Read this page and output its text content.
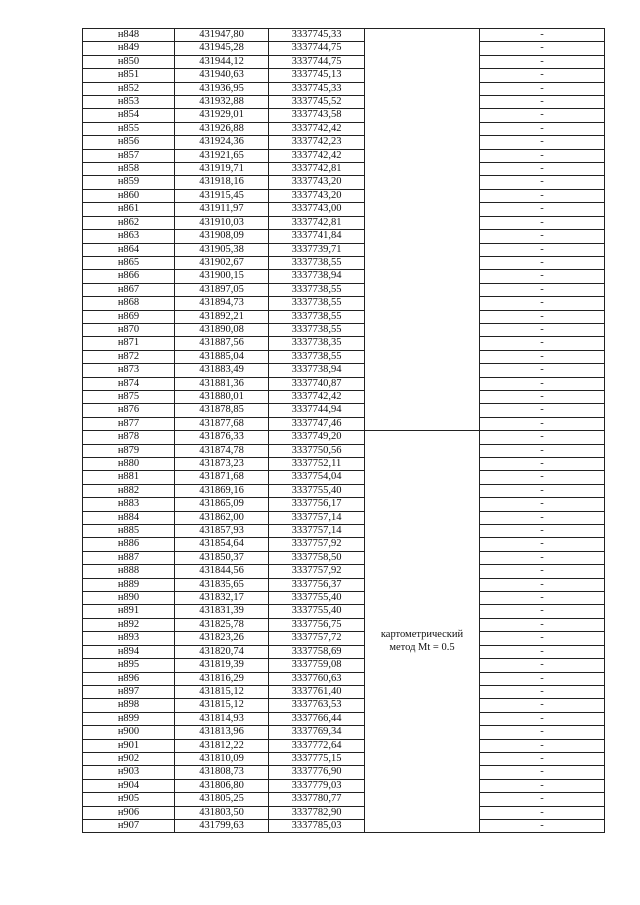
н848	431947,80	3337745,33		-
н849	431945,28	3337744,75		-
н850	431944,12	3337744,75		-
н851	431940,63	3337745,13		-
н852	431936,95	3337745,33		-
н853	431932,88	3337745,52		-
н854	431929,01	3337743,58		-
н855	431926,88	3337742,42		-
н856	431924,36	3337742,23		-
н857	431921,65	3337742,42		-
н858	431919,71	3337742,81		-
н859	431918,16	3337743,20		-
н860	431915,45	3337743,20		-
н861	431911,97	3337743,00		-
н862	431910,03	3337742,81		-
н863	431908,09	3337741,84		-
н864	431905,38	3337739,71		-
н865	431902,67	3337738,55		-
н866	431900,15	3337738,94		-
н867	431897,05	3337738,55		-
н868	431894,73	3337738,55		-
н869	431892,21	3337738,55		-
н870	431890,08	3337738,55		-
н871	431887,56	3337738,35		-
н872	431885,04	3337738,55		-
н873	431883,49	3337738,94		-
н874	431881,36	3337740,87		-
н875	431880,01	3337742,42		-
н876	431878,85	3337744,94		-
н877	431877,68	3337747,46		-
н878	431876,33	3337749,20	картометрический
метод Mt = 0.5	-
н879	431874,78	3337750,56		-
н880	431873,23	3337752,11		-
н881	431871,68	3337754,04		-
н882	431869,16	3337755,40		-
н883	431865,09	3337756,17		-
н884	431862,00	3337757,14		-
н885	431857,93	3337757,14		-
н886	431854,64	3337757,92		-
н887	431850,37	3337758,50		-
н888	431844,56	3337757,92		-
н889	431835,65	3337756,37		-
н890	431832,17	3337755,40		-
н891	431831,39	3337755,40		-
н892	431825,78	3337756,75		-
н893	431823,26	3337757,72		-
н894	431820,74	3337758,69		-
н895	431819,39	3337759,08		-
н896	431816,29	3337760,63		-
н897	431815,12	3337761,40		-
н898	431815,12	3337763,53		-
н899	431814,93	3337766,44		-
н900	431813,96	3337769,34		-
н901	431812,22	3337772,64		-
н902	431810,09	3337775,15		-
н903	431808,73	3337776,90		-
н904	431806,80	3337779,03		-
н905	431805,25	3337780,77		-
н906	431803,50	3337782,90		-
н907	431799,63	3337785,03		-
